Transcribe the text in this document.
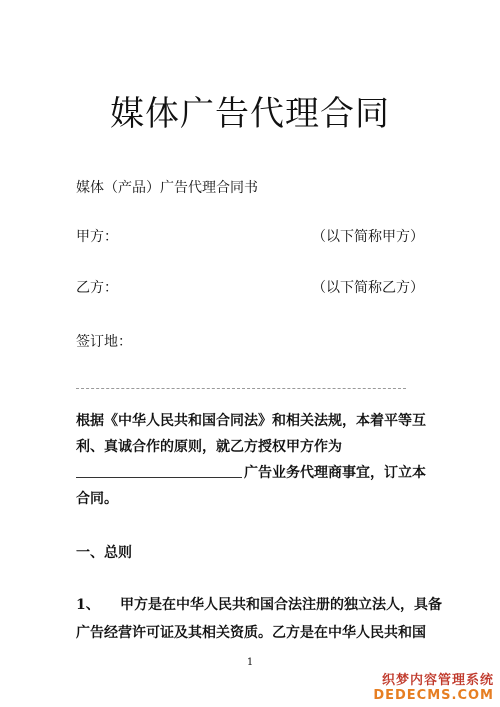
媒体广告代理合同
媒体（产品）广告代理合同书
甲方：	（以下简称甲方）
乙方：	（以下简称乙方）
签订地：
根据《中华人民共和国合同法》和相关法规，本着平等互
利、真诚合作的原则，就乙方授权甲方作为
广告业务代理商事宜，订立本
合同。
一、总则
1、 甲方是在中华人民共和国合法注册的独立法人，具备
广告经营许可证及其相关资质。乙方是在中华人民共和国
1
织梦内容管理系统
DEDECMS.COM
